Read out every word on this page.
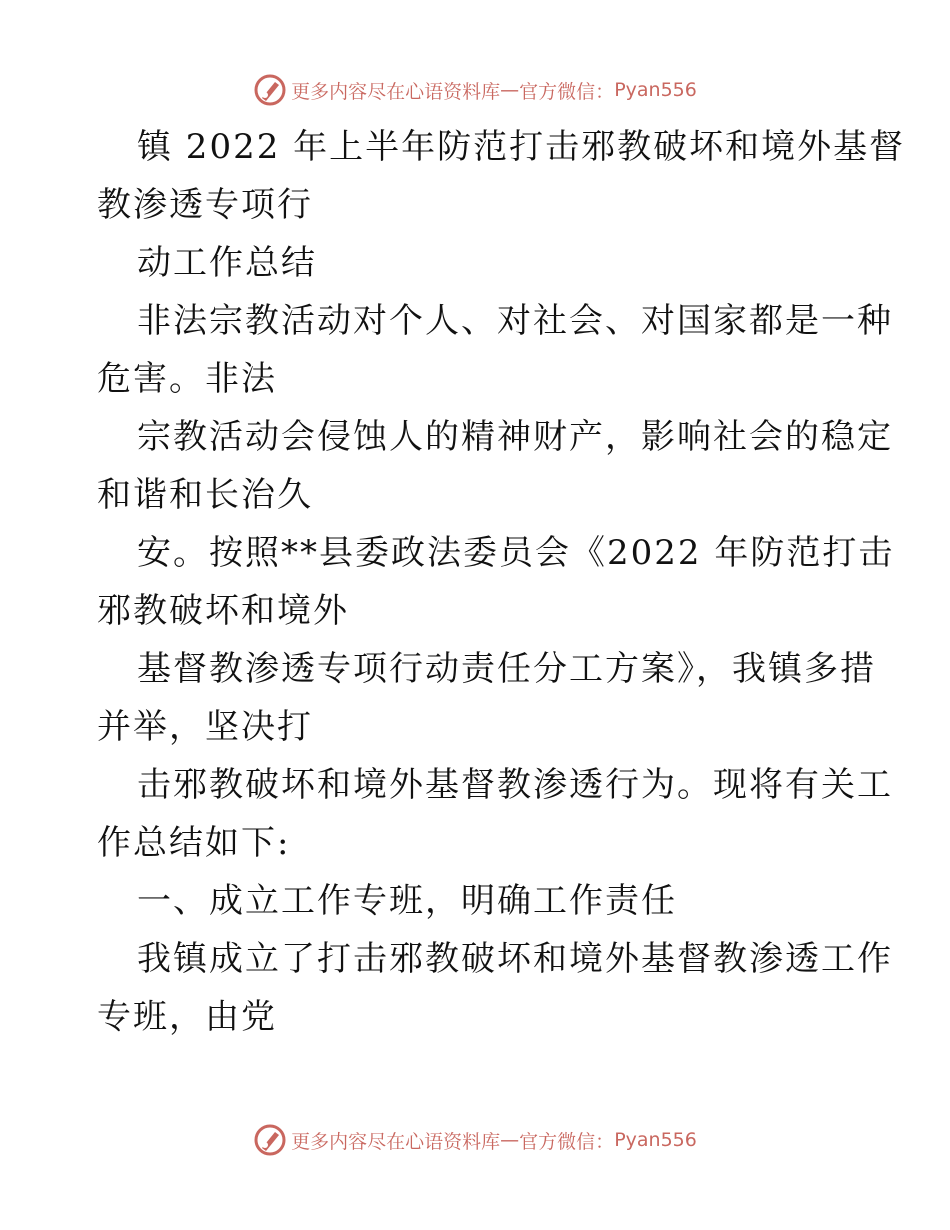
更多内容尽在心语资料库 — 官方微信： Pyan556
镇 2022 年上半年防范打击邪教破坏和境外基督
教渗透专项行
动工作总结
非法宗教活动对个人、对社会、对国家都是一种
危害。非法
宗教活动会侵蚀人的精神财产，影响社会的稳定
和谐和长治久
安。按照**县委政法委员会《2022 年防范打击
邪教破坏和境外
基督教渗透专项行动责任分工方案》，我镇多措
并举，坚决打
击邪教破坏和境外基督教渗透行为。现将有关工
作总结如下:
一、成立工作专班，明确工作责任
我镇成立了打击邪教破坏和境外基督教渗透工作
专班，由党
更多内容尽在心语资料库 — 官方微信： Pyan556
